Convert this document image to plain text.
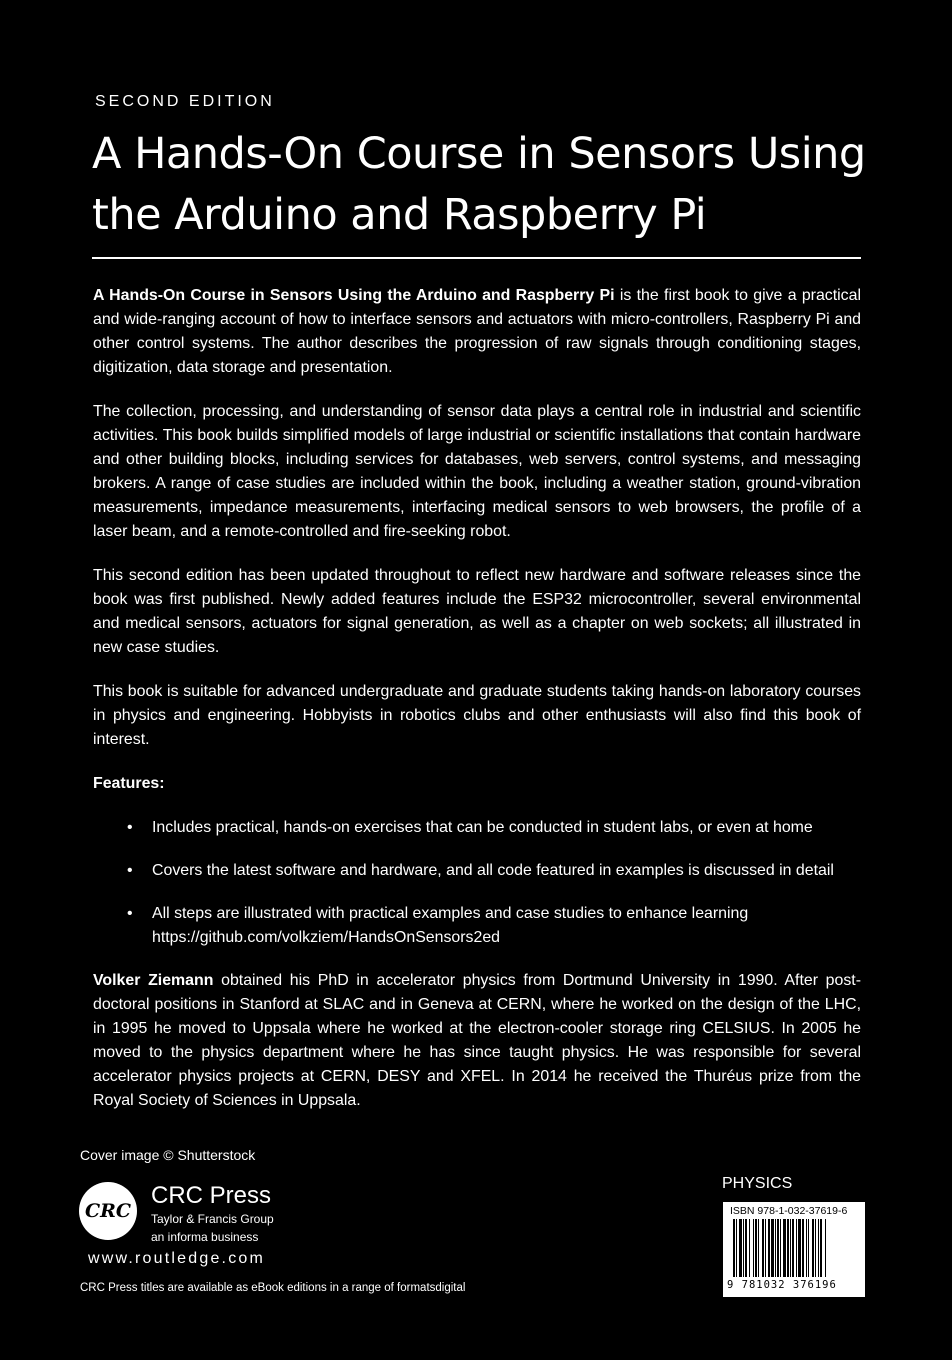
SECOND EDITION
A Hands-On Course in Sensors Using the Arduino and Raspberry Pi

A Hands-On Course in Sensors Using the Arduino and Raspberry Pi is the first book to give a practical and wide-ranging account of how to interface sensors and actuators with micro-controllers, Raspberry Pi and other control systems. The author describes the progression of raw signals through conditioning stages, digitization, data storage and presentation.

The collection, processing, and understanding of sensor data plays a central role in industrial and scientific activities. This book builds simplified models of large industrial or scientific installations that contain hardware and other building blocks, including services for databases, web servers, control systems, and messaging brokers. A range of case studies are included within the book, including a weather station, ground-vibration measurements, impedance measurements, interfacing medical sensors to web browsers, the profile of a laser beam, and a remote-controlled and fire-seeking robot.

This second edition has been updated throughout to reflect new hardware and software releases since the book was first published. Newly added features include the ESP32 microcontroller, several environmental and medical sensors, actuators for signal generation, as well as a chapter on web sockets; all illustrated in new case studies.

This book is suitable for advanced undergraduate and graduate students taking hands-on laboratory courses in physics and engineering. Hobbyists in robotics clubs and other enthusiasts will also find this book of interest.

Features:

• Includes practical, hands-on exercises that can be conducted in student labs, or even at home
• Covers the latest software and hardware, and all code featured in examples is discussed in detail
• All steps are illustrated with practical examples and case studies to enhance learning
https://github.com/volkziem/HandsOnSensors2ed

Volker Ziemann obtained his PhD in accelerator physics from Dortmund University in 1990. After post-doctoral positions in Stanford at SLAC and in Geneva at CERN, where he worked on the design of the LHC, in 1995 he moved to Uppsala where he worked at the electron-cooler storage ring CELSIUS. In 2005 he moved to the physics department where he has since taught physics. He was responsible for several accelerator physics projects at CERN, DESY and XFEL. In 2014 he received the Thuréus prize from the Royal Society of Sciences in Uppsala.

Cover image © Shutterstock
CRC
CRC Press
Taylor & Francis Group
an informa business
www.routledge.com
CRC Press titles are available as eBook editions in a range of formatsdigital
PHYSICS
ISBN 978-1-032-37619-6
9 781032 376196
